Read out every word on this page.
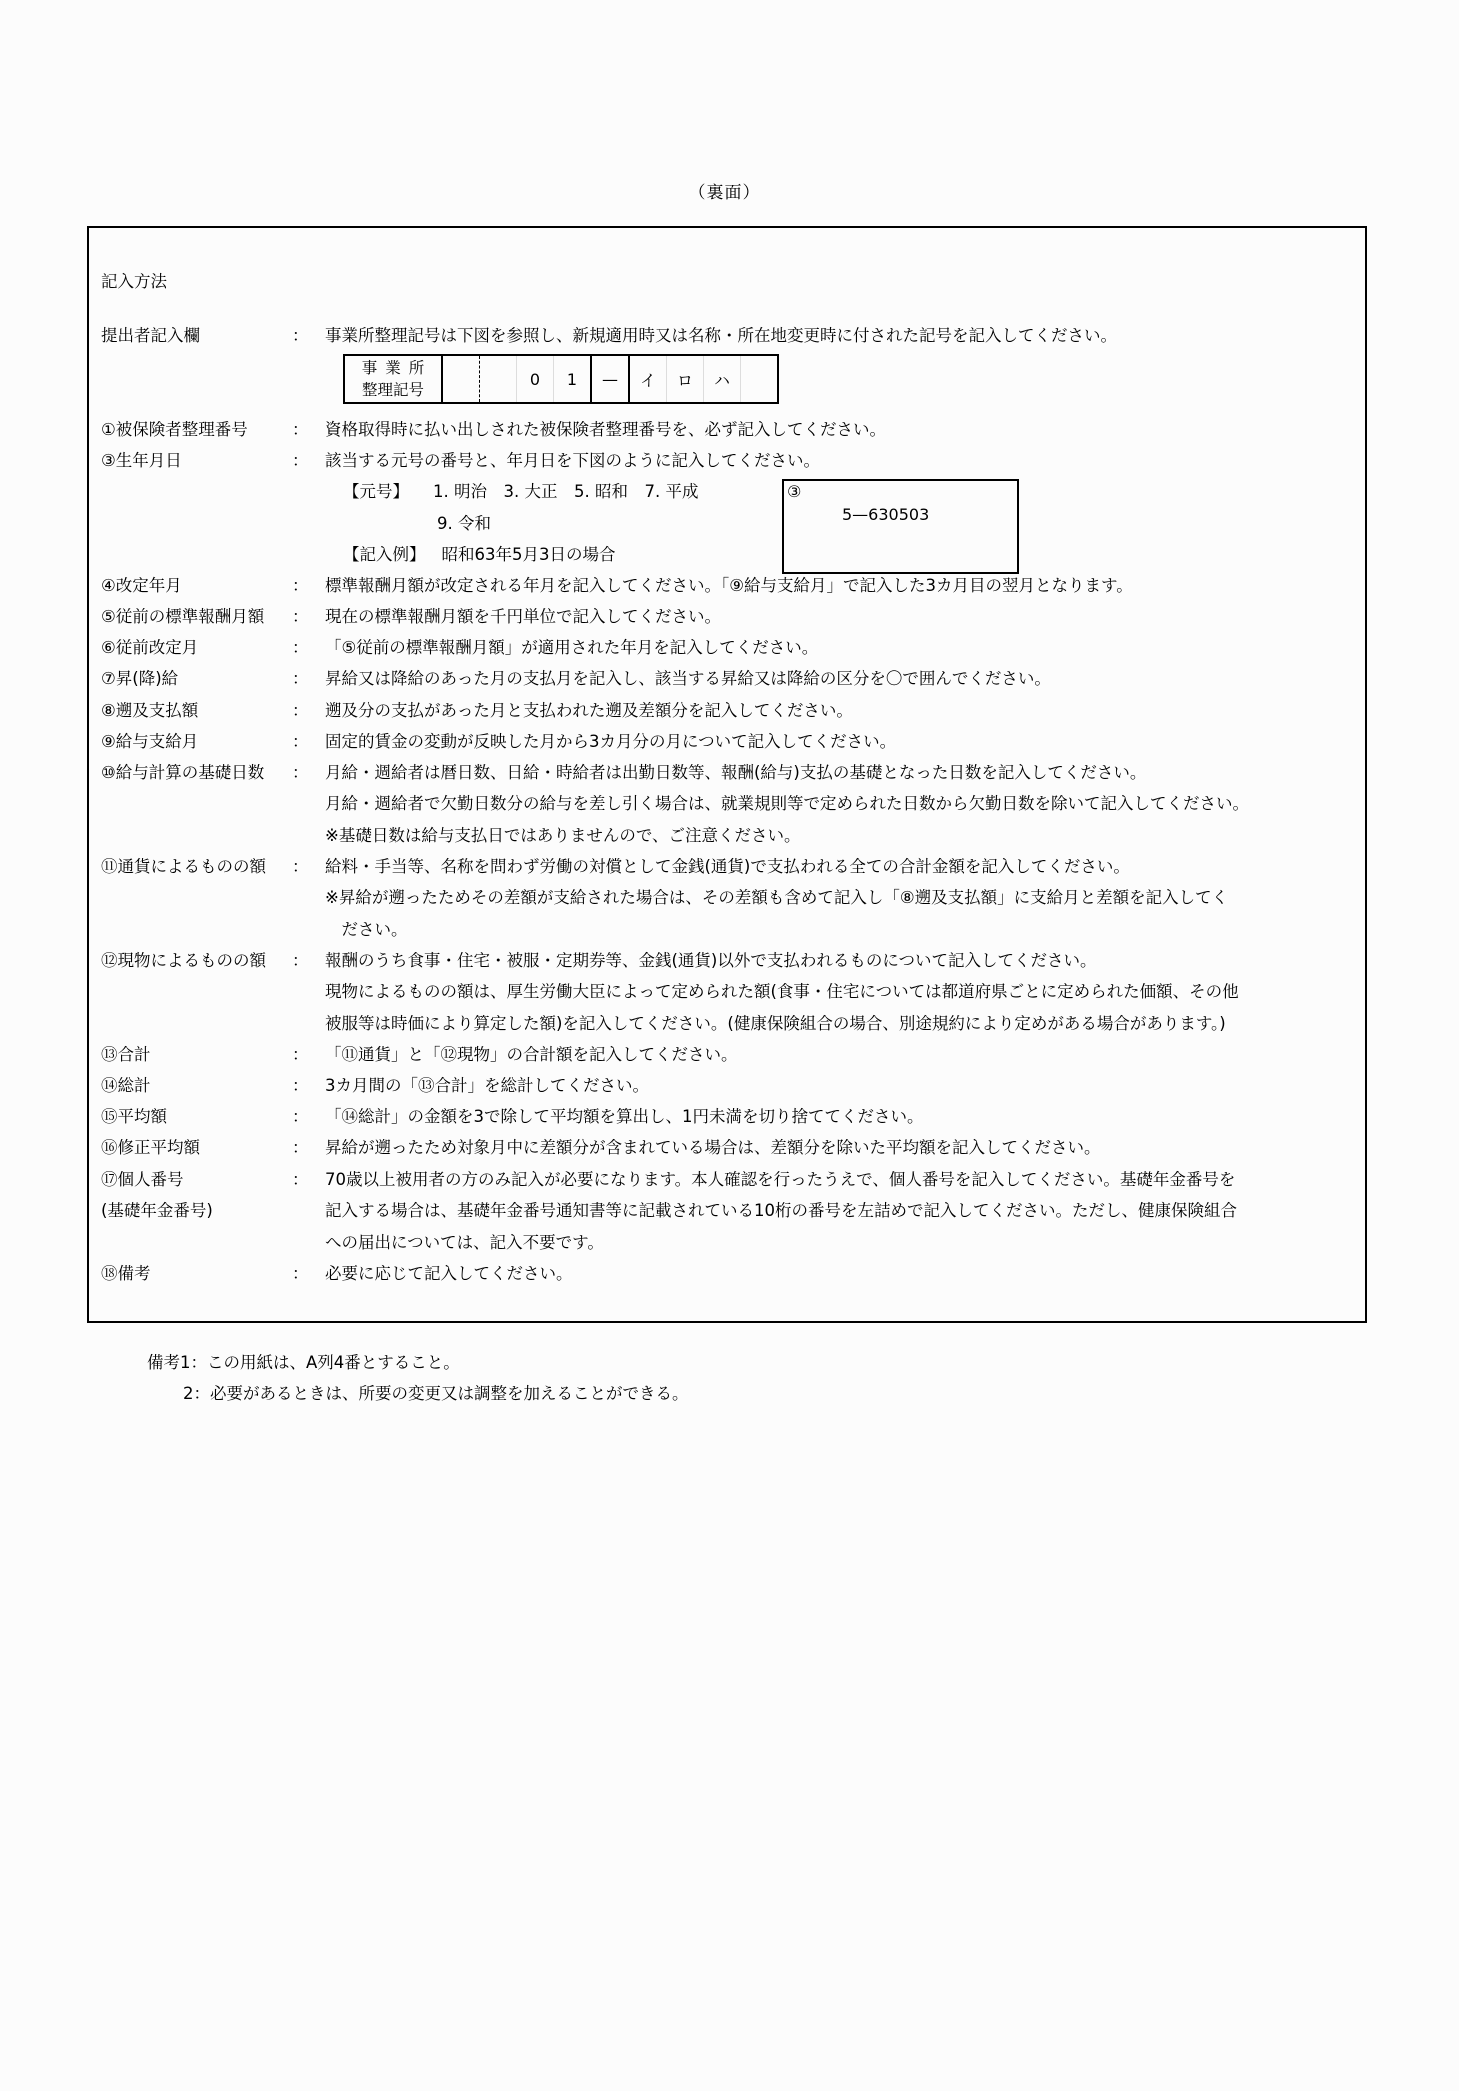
（裏面）
記入方法
提出者記入欄	： 事業所整理記号は下図を参照し、新規適用時又は名称・所在地変更時に付された記号を記入してください。
事業所
整理記号
0	1	—	イ	ロ	ハ
①被保険者整理番号	： 資格取得時に払い出しされた被保険者整理番号を、必ず記入してください。
③生年月日	： 該当する元号の番号と、年月日を下図のように記入してください。
【元号】 1. 明治　3. 大正　5. 昭和　7. 平成
9. 令和
【記入例】 昭和63年5月3日の場合
③
5—630503
④改定年月	： 標準報酬月額が改定される年月を記入してください。「⑨給与支給月」で記入した3カ月目の翌月となります。
⑤従前の標準報酬月額 ： 現在の標準報酬月額を千円単位で記入してください。
⑥従前改定月	： 「⑤従前の標準報酬月額」が適用された年月を記入してください。
⑦昇(降)給	： 昇給又は降給のあった月の支払月を記入し、該当する昇給又は降給の区分を〇で囲んでください。
⑧遡及支払額	： 遡及分の支払があった月と支払われた遡及差額分を記入してください。
⑨給与支給月	： 固定的賃金の変動が反映した月から3カ月分の月について記入してください。
⑩給与計算の基礎日数 ： 月給・週給者は暦日数、日給・時給者は出勤日数等、報酬(給与)支払の基礎となった日数を記入してください。
月給・週給者で欠勤日数分の給与を差し引く場合は、就業規則等で定められた日数から欠勤日数を除いて記入してください。
※基礎日数は給与支払日ではありませんので、ご注意ください。
⑪通貨によるものの額 ： 給料・手当等、名称を問わず労働の対償として金銭(通貨)で支払われる全ての合計金額を記入してください。
※昇給が遡ったためその差額が支給された場合は、その差額も含めて記入し「⑧遡及支払額」に支給月と差額を記入してく
　ださい。
⑫現物によるものの額 ： 報酬のうち食事・住宅・被服・定期券等、金銭(通貨)以外で支払われるものについて記入してください。
現物によるものの額は、厚生労働大臣によって定められた額(食事・住宅については都道府県ごとに定められた価額、その他
被服等は時価により算定した額)を記入してください。(健康保険組合の場合、別途規約により定めがある場合があります。)
⑬合計	： 「⑪通貨」と「⑫現物」の合計額を記入してください。
⑭総計	： 3カ月間の「⑬合計」を総計してください。
⑮平均額	： 「⑭総計」の金額を3で除して平均額を算出し、1円未満を切り捨ててください。
⑯修正平均額	： 昇給が遡ったため対象月中に差額分が含まれている場合は、差額分を除いた平均額を記入してください。
⑰個人番号
(基礎年金番号)
： 70歳以上被用者の方のみ記入が必要になります。本人確認を行ったうえで、個人番号を記入してください。基礎年金番号を
記入する場合は、基礎年金番号通知書等に記載されている10桁の番号を左詰めで記入してください。ただし、健康保険組合
への届出については、記入不要です。
⑱備考	： 必要に応じて記入してください。
備考1：この用紙は、A列4番とすること。
2：必要があるときは、所要の変更又は調整を加えることができる。
